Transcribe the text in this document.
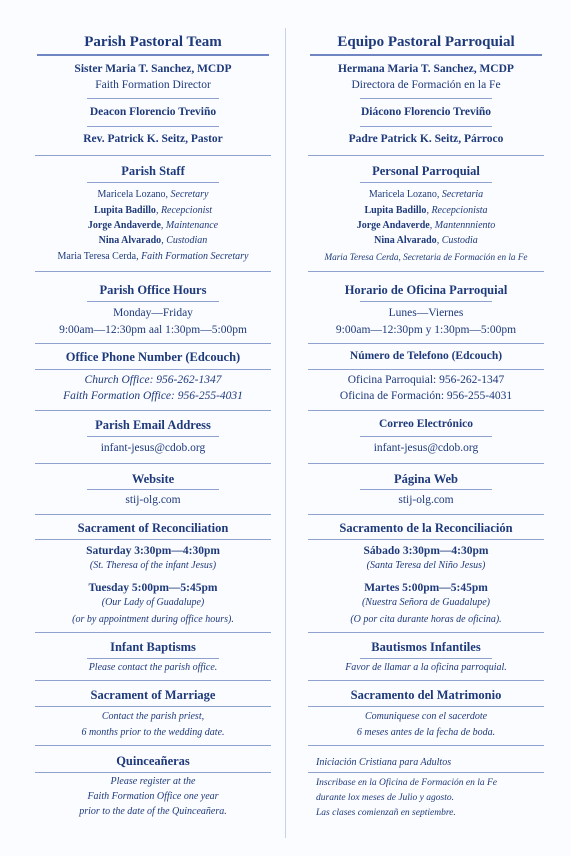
Parish Pastoral Team
Sister Maria T. Sanchez, MCDP
Faith Formation Director
Deacon Florencio Treviño
Rev. Patrick K. Seitz, Pastor
Parish Staff
Maricela Lozano, Secretary
Lupita Badillo, Recepcionist
Jorge Andaverde, Maintenance
Nina Alvarado, Custodian
Maria Teresa Cerda, Faith Formation Secretary
Parish Office Hours
Monday—Friday
9:00am—12:30pm aal 1:30pm—5:00pm
Office Phone Number (Edcouch)
Church Office: 956-262-1347
Faith Formation Office: 956-255-4031
Parish Email Address
infant-jesus@cdob.org
Website
stij-olg.com
Sacrament of Reconciliation
Saturday 3:30pm—4:30pm
(St. Theresa of the infant Jesus)
Tuesday 5:00pm—5:45pm
(Our Lady of Guadalupe)
(or by appointment during office hours).
Infant Baptisms
Please contact the parish office.
Sacrament of Marriage
Contact the parish priest,
6 months prior to the wedding date.
Quinceañeras
Please register at the
Faith Formation Office one year
prior to the date of the Quinceañera.
Equipo Pastoral Parroquial
Hermana Maria T. Sanchez, MCDP
Directora de Formación en la Fe
Diácono Florencio Treviño
Padre Patrick K. Seitz, Párroco
Personal Parroquial
Maricela Lozano, Secretaria
Lupita Badillo, Recepcionista
Jorge Andaverde, Mantennniento
Nina Alvarado, Custodia
Maria Teresa Cerda, Secretaria de Formación en la Fe
Horario de Oficina Parroquial
Lunes—Viernes
9:00am—12:30pm y 1:30pm—5:00pm
Número de Telefono (Edcouch)
Oficina Parroquial: 956-262-1347
Oficina de Formación: 956-255-4031
Correo Electrónico
infant-jesus@cdob.org
Página Web
stij-olg.com
Sacramento de la Reconciliación
Sábado 3:30pm—4:30pm
(Santa Teresa del Niño Jesus)
Martes 5:00pm—5:45pm
(Nuestra Señora de Guadalupe)
(O por cita durante horas de oficina).
Bautismos Infantiles
Favor de llamar a la oficina parroquial.
Sacramento del Matrimonio
Comuniquese con el sacerdote
6 meses antes de la fecha de boda.
Iniciación Cristiana para Adultos
Inscribase en la Oficina de Formación en la Fe
durante lox meses de Julio y agosto.
Las clases comienzañ en septiembre.
